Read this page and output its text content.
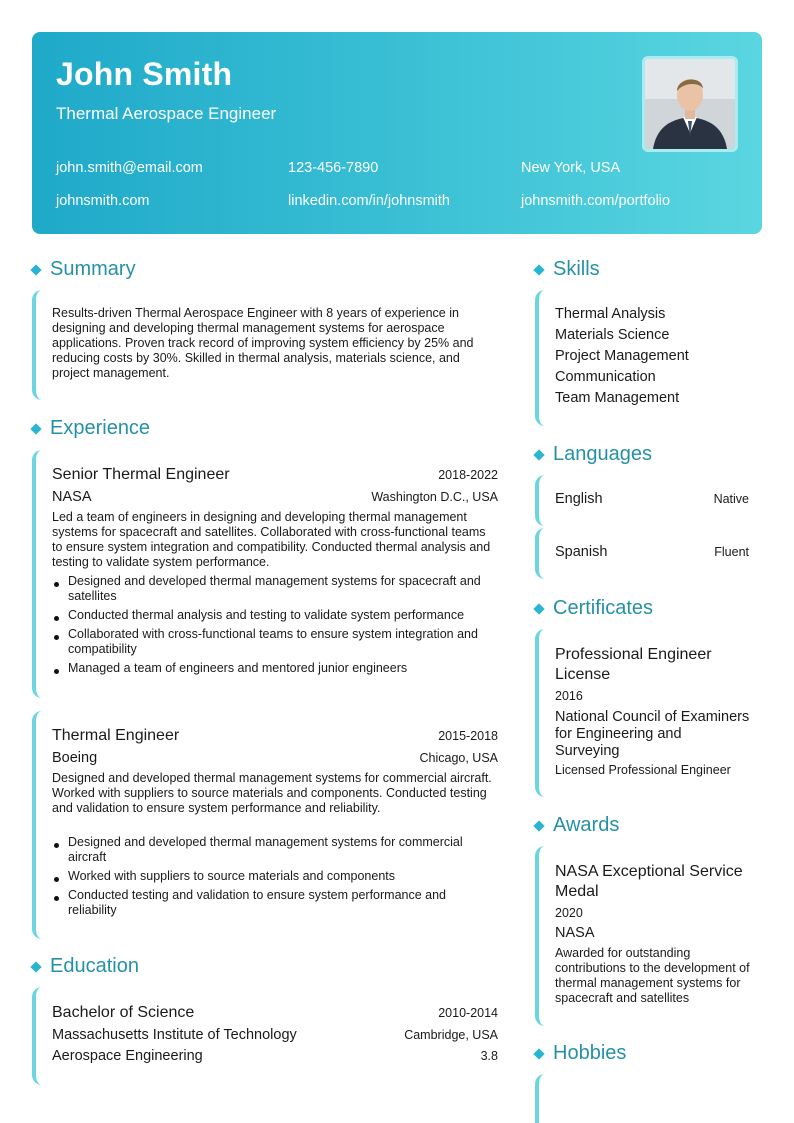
John Smith
Thermal Aerospace Engineer
john.smith@email.com	123-456-7890	New York, USA
johnsmith.com	linkedin.com/in/johnsmith	johnsmith.com/portfolio
Summary
Results-driven Thermal Aerospace Engineer with 8 years of experience in designing and developing thermal management systems for aerospace applications. Proven track record of improving system efficiency by 25% and reducing costs by 30%. Skilled in thermal analysis, materials science, and project management.
Experience
Senior Thermal Engineer	2018-2022
NASA	Washington D.C., USA
Led a team of engineers in designing and developing thermal management systems for spacecraft and satellites. Collaborated with cross-functional teams to ensure system integration and compatibility. Conducted thermal analysis and testing to validate system performance.
Designed and developed thermal management systems for spacecraft and satellites
Conducted thermal analysis and testing to validate system performance
Collaborated with cross-functional teams to ensure system integration and compatibility
Managed a team of engineers and mentored junior engineers
Thermal Engineer	2015-2018
Boeing	Chicago, USA
Designed and developed thermal management systems for commercial aircraft. Worked with suppliers to source materials and components. Conducted testing and validation to ensure system performance and reliability.
Designed and developed thermal management systems for commercial aircraft
Worked with suppliers to source materials and components
Conducted testing and validation to ensure system performance and reliability
Education
Bachelor of Science	2010-2014
Massachusetts Institute of Technology	Cambridge, USA
Aerospace Engineering	3.8
Skills
Thermal Analysis
Materials Science
Project Management
Communication
Team Management
Languages
English	Native
Spanish	Fluent
Certificates
Professional Engineer License
2016
National Council of Examiners for Engineering and Surveying
Licensed Professional Engineer
Awards
NASA Exceptional Service Medal
2020
NASA
Awarded for outstanding contributions to the development of thermal management systems for spacecraft and satellites
Hobbies
